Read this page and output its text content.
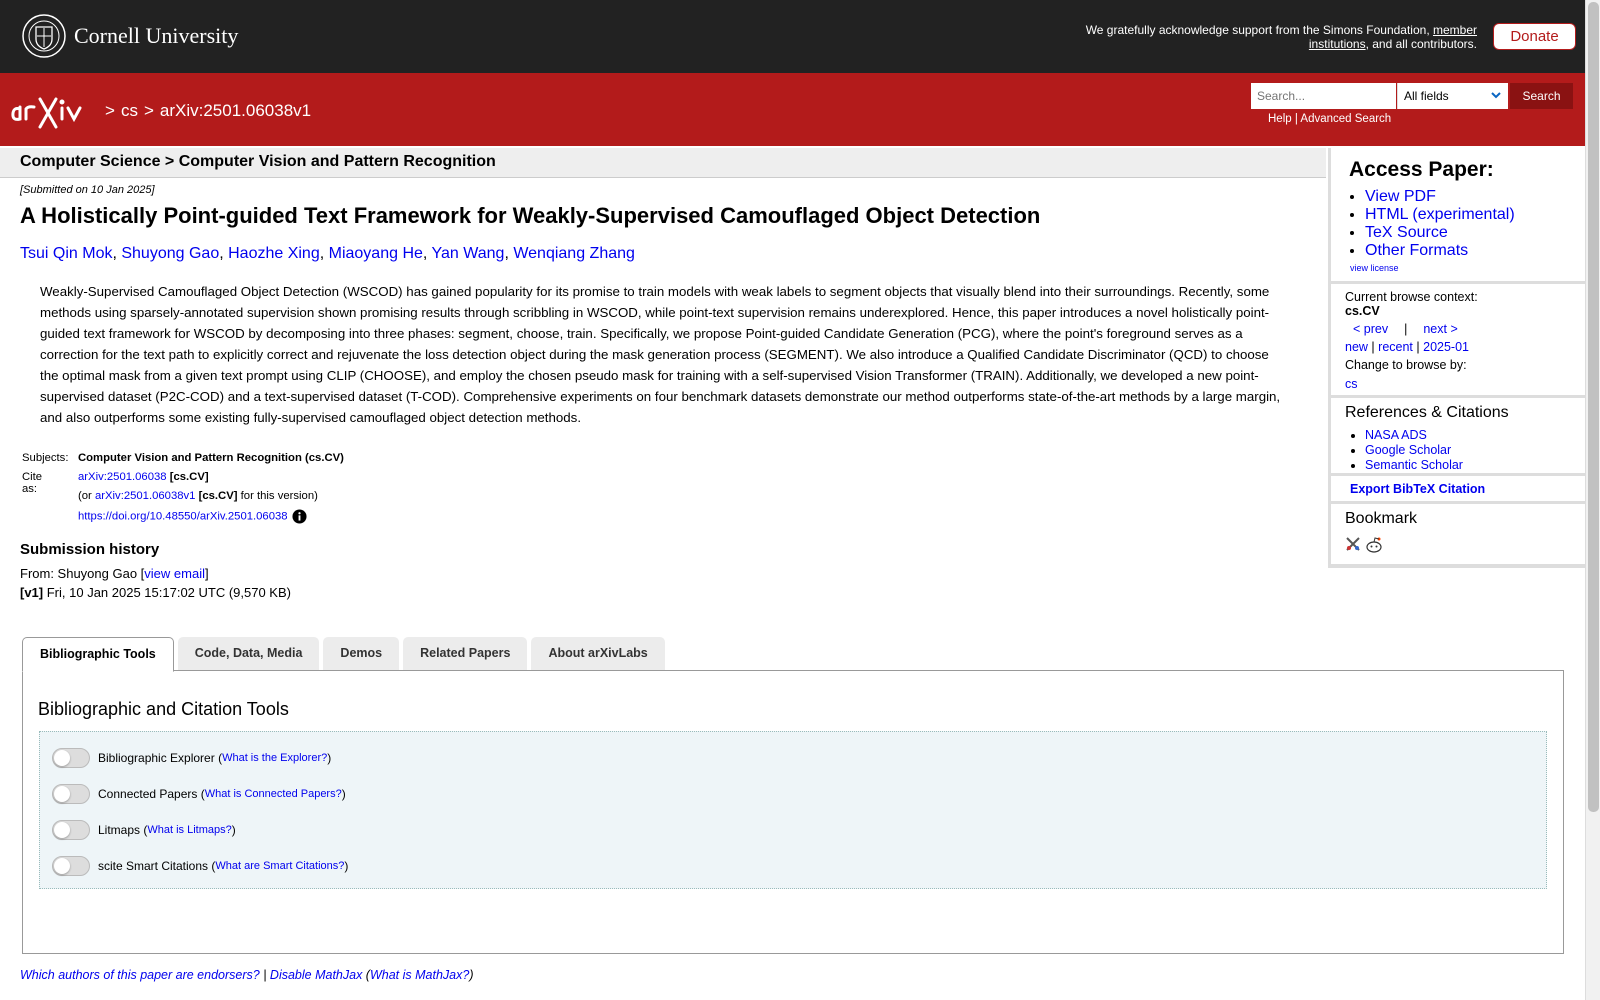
Cornell University	We gratefully acknowledge support from the Simons Foundation, member institutions, and all contributors.	Donate
> cs > arXiv:2501.06038v1
Search...
All fields	Search
Help | Advanced Search
Computer Science > Computer Vision and Pattern Recognition
[Submitted on 10 Jan 2025]
A Holistically Point-guided Text Framework for Weakly-Supervised Camouflaged Object Detection
Tsui Qin Mok, Shuyong Gao, Haozhe Xing, Miaoyang He, Yan Wang, Wenqiang Zhang

Weakly-Supervised Camouflaged Object Detection (WSCOD) has gained popularity for its promise to train models with weak labels to segment objects that visually blend into their surroundings. Recently, some methods using sparsely-annotated supervision shown promising results through scribbling in WSCOD, while point-text supervision remains underexplored. Hence, this paper introduces a novel holistically point-guided text framework for WSCOD by decomposing into three phases: segment, choose, train. Specifically, we propose Point-guided Candidate Generation (PCG), where the point's foreground serves as a correction for the text path to explicitly correct and rejuvenate the loss detection object during the mask generation process (SEGMENT). We also introduce a Qualified Candidate Discriminator (QCD) to choose the optimal mask from a given text prompt using CLIP (CHOOSE), and employ the chosen pseudo mask for training with a self-supervised Vision Transformer (TRAIN). Additionally, we developed a new point-supervised dataset (P2C-COD) and a text-supervised dataset (T-COD). Comprehensive experiments on four benchmark datasets demonstrate our method outperforms state-of-the-art methods by a large margin, and also outperforms some existing fully-supervised camouflaged object detection methods.

Subjects: Computer Vision and Pattern Recognition (cs.CV)
Cite as:
arXiv:2501.06038 [cs.CV]
(or arXiv:2501.06038v1 [cs.CV] for this version)
https://doi.org/10.48550/arXiv.2501.06038
Submission history
From: Shuyong Gao [view email]
[v1] Fri, 10 Jan 2025 15:17:02 UTC (9,570 KB)
Access Paper:
• View PDF
• HTML (experimental)
• TeX Source
• Other Formats
view license
Current browse context:
cs.CV
< prev | next >
new | recent | 2025-01
Change to browse by:
cs
References & Citations
• NASA ADS
• Google Scholar
• Semantic Scholar
Export BibTeX Citation
Bookmark
Bibliographic Tools	Code, Data, Media	Demos	Related Papers	About arXivLabs
Bibliographic and Citation Tools
Bibliographic Explorer ( What is the Explorer? )
Connected Papers ( What is Connected Papers? )
Litmaps ( What is Litmaps? )
scite Smart Citations ( What are Smart Citations? )
Which authors of this paper are endorsers? | Disable MathJax (What is MathJax?)
